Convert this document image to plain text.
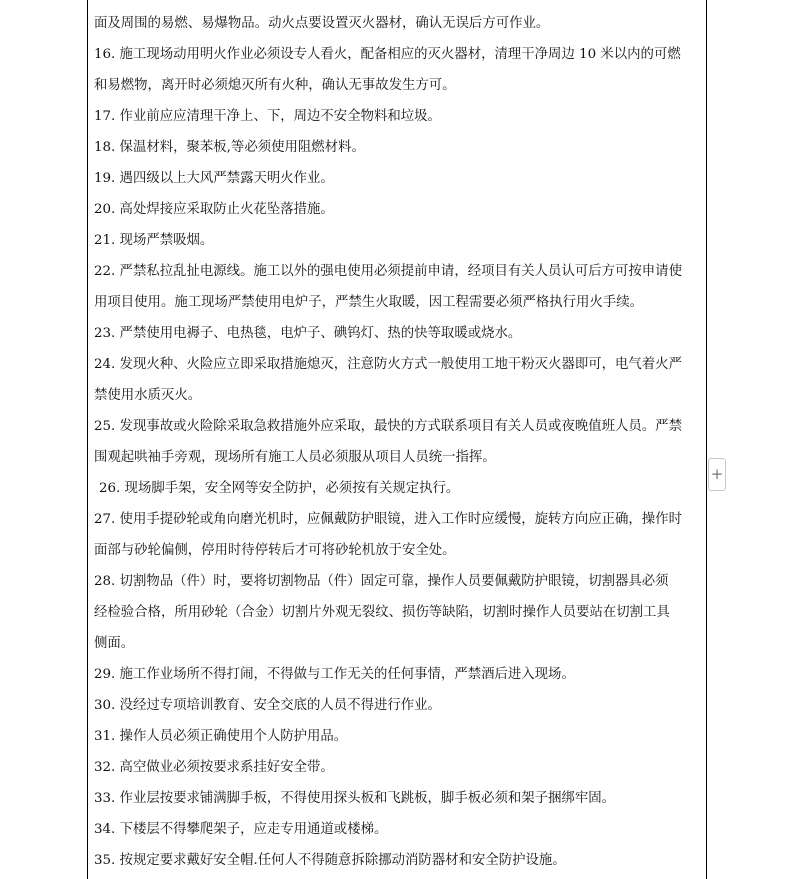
面及周围的易燃、易爆物品。动火点要设置灭火器材，确认无误后方可作业。
16. 施工现场动用明火作业必须设专人看火，配备相应的灭火器材，清理干净周边 10 米以内的可燃
和易燃物，离开时必须熄灭所有火种，确认无事故发生方可。
17. 作业前应应清理干净上、下，周边不安全物料和垃圾。
18. 保温材料，聚苯板,等必须使用阻燃材料。
19. 遇四级以上大风严禁露天明火作业。
20. 高处焊接应采取防止火花坠落措施。
21. 现场严禁吸烟。
22. 严禁私拉乱扯电源线。施工以外的强电使用必须提前申请，经项目有关人员认可后方可按申请使
用项目使用。施工现场严禁使用电炉子，严禁生火取暖，因工程需要必须严格执行用火手续。
23. 严禁使用电褥子、电热毯，电炉子、碘钨灯、热的快等取暖或烧水。
24. 发现火种、火险应立即采取措施熄灭，注意防火方式一般使用工地干粉灭火器即可，电气着火严
禁使用水质灭火。
25. 发现事故或火险除采取急救措施外应采取，最快的方式联系项目有关人员或夜晚值班人员。严禁
围观起哄袖手旁观，现场所有施工人员必须服从项目人员统一指挥。
26. 现场脚手架，安全网等安全防护，必须按有关规定执行。
27. 使用手提砂轮或角向磨光机时，应佩戴防护眼镜，进入工作时应缓慢，旋转方向应正确，操作时
面部与砂轮偏侧，停用时待停转后才可将砂轮机放于安全处。
28. 切割物品（件）时，要将切割物品（件）固定可靠，操作人员要佩戴防护眼镜，切割器具必须
经检验合格，所用砂轮（合金）切割片外观无裂纹、损伤等缺陷，切割时操作人员要站在切割工具
侧面。
29. 施工作业场所不得打闹，不得做与工作无关的任何事情，严禁酒后进入现场。
30. 没经过专项培训教育、安全交底的人员不得进行作业。
31. 操作人员必须正确使用个人防护用品。
32. 高空做业必须按要求系挂好安全带。
33. 作业层按要求铺满脚手板，不得使用探头板和飞跳板，脚手板必须和架子捆绑牢固。
34. 下楼层不得攀爬架子，应走专用通道或楼梯。
35. 按规定要求戴好安全帽.任何人不得随意拆除挪动消防器材和安全防护设施。
+
